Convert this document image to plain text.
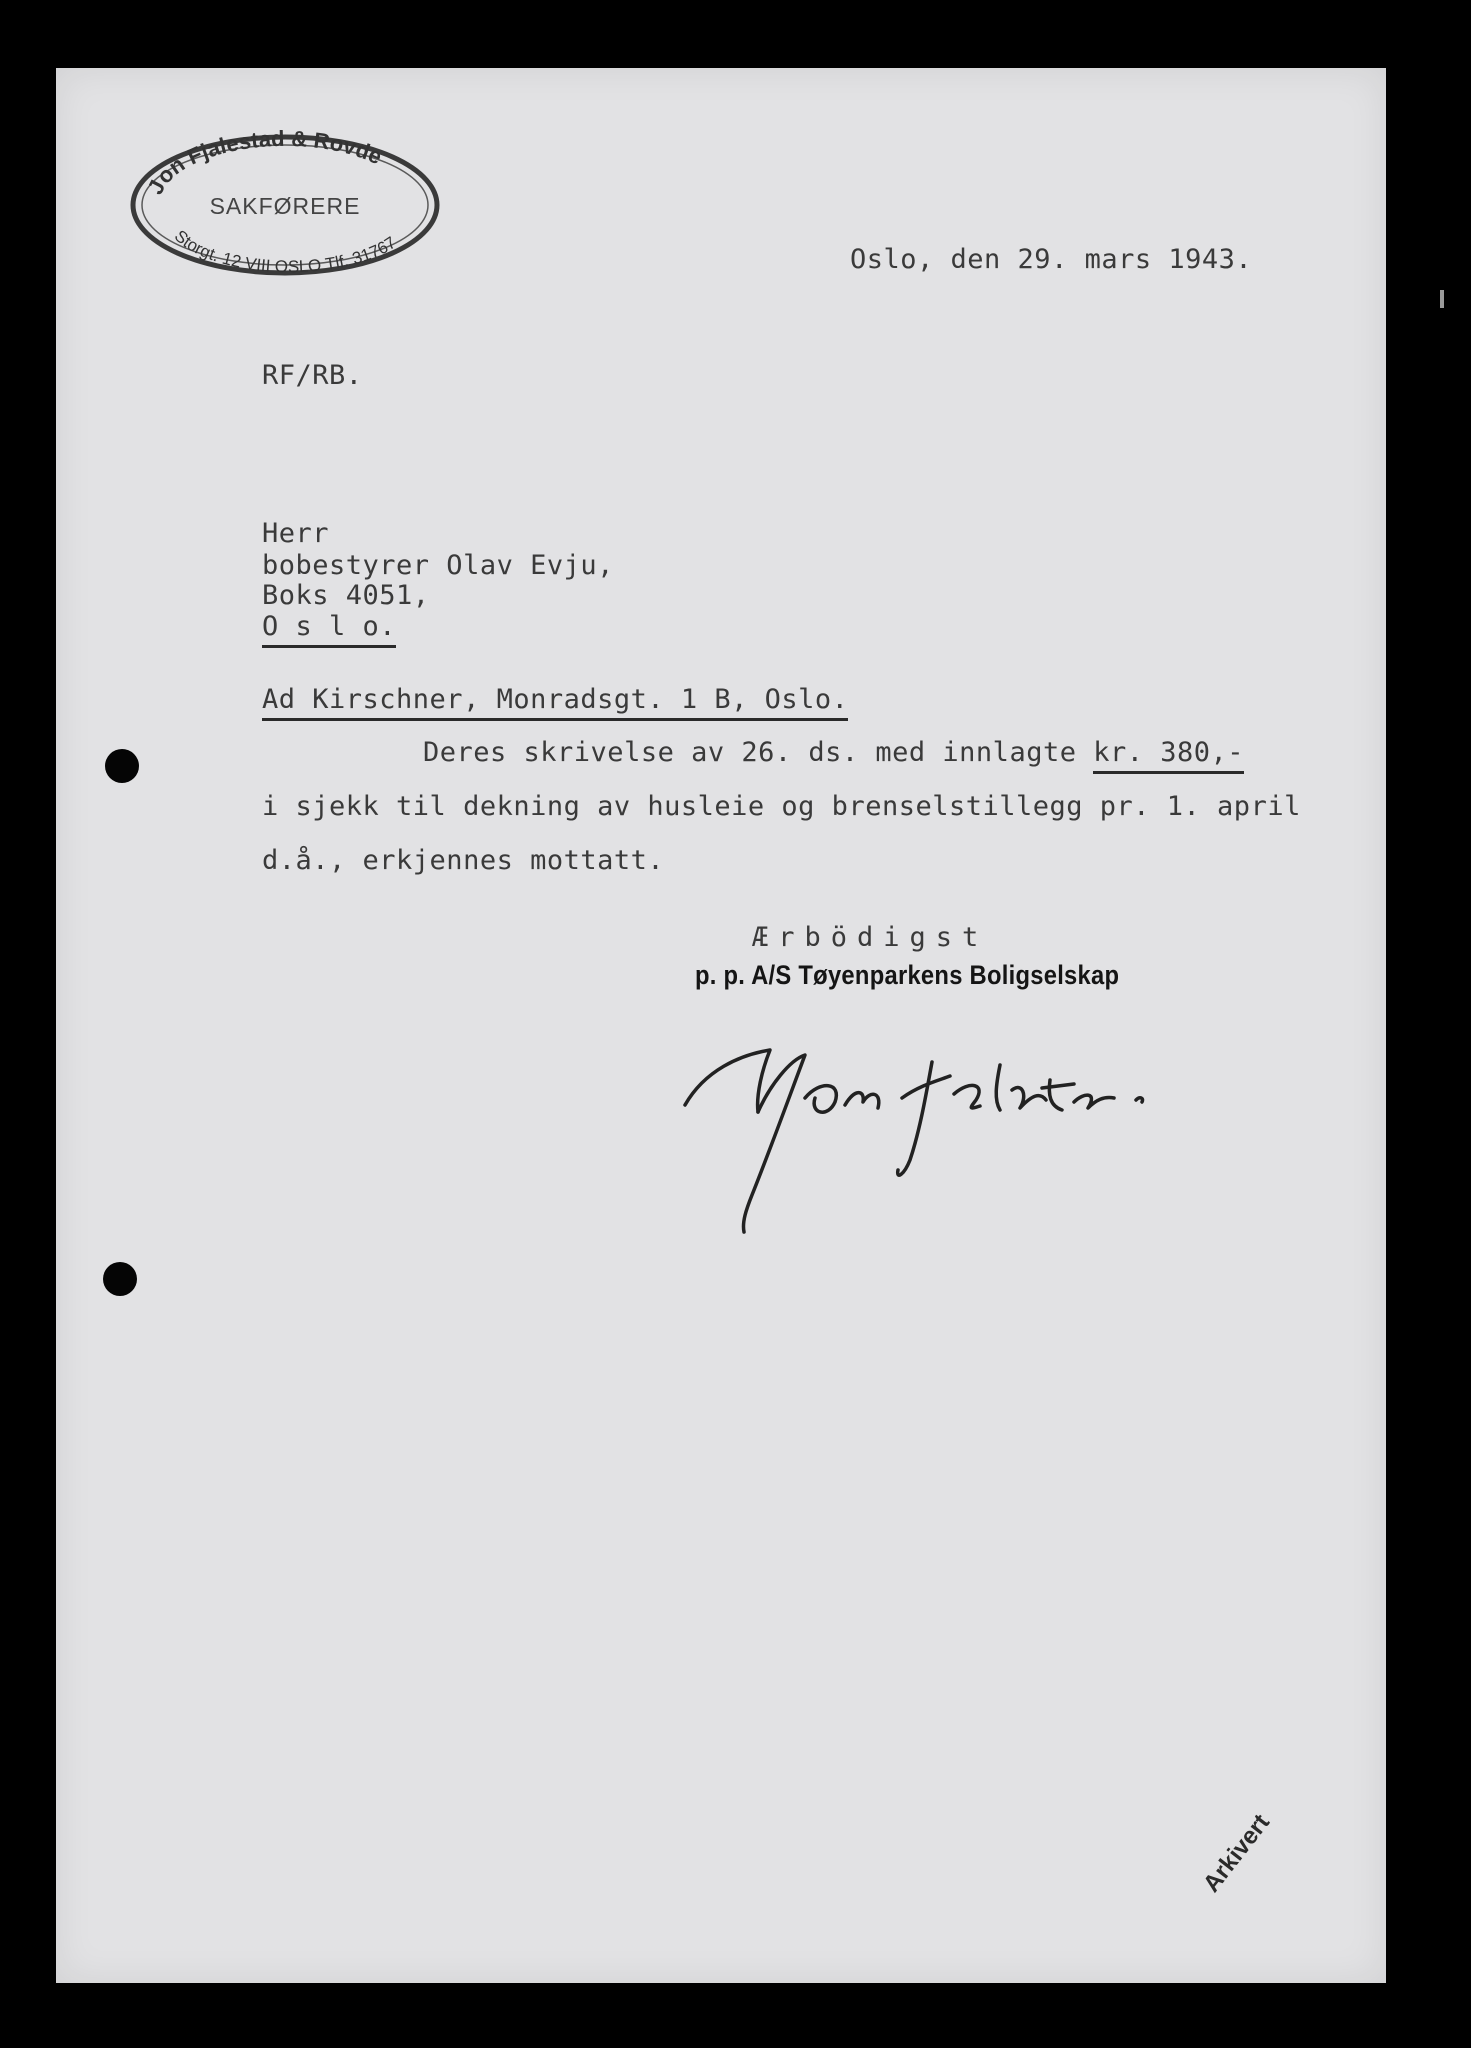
Jon Fjalestad & Rovde
SAKFØRERE
Storgt. 12 VIII OSLO Tlf. 31767
Oslo, den 29. mars 1943.
RF/RB.
Herr
bobestyrer Olav Evju,
Boks 4051,
O s l o.
Ad Kirschner, Monradsgt. 1 B, Oslo.
Deres skrivelse av 26. ds. med innlagte kr. 380,-
i sjekk til dekning av husleie og brenselstillegg pr. 1. april
d.å., erkjennes mottatt.
Ærbödigst
p. p. A/S Tøyenparkens Boligselskap
Arkivert
